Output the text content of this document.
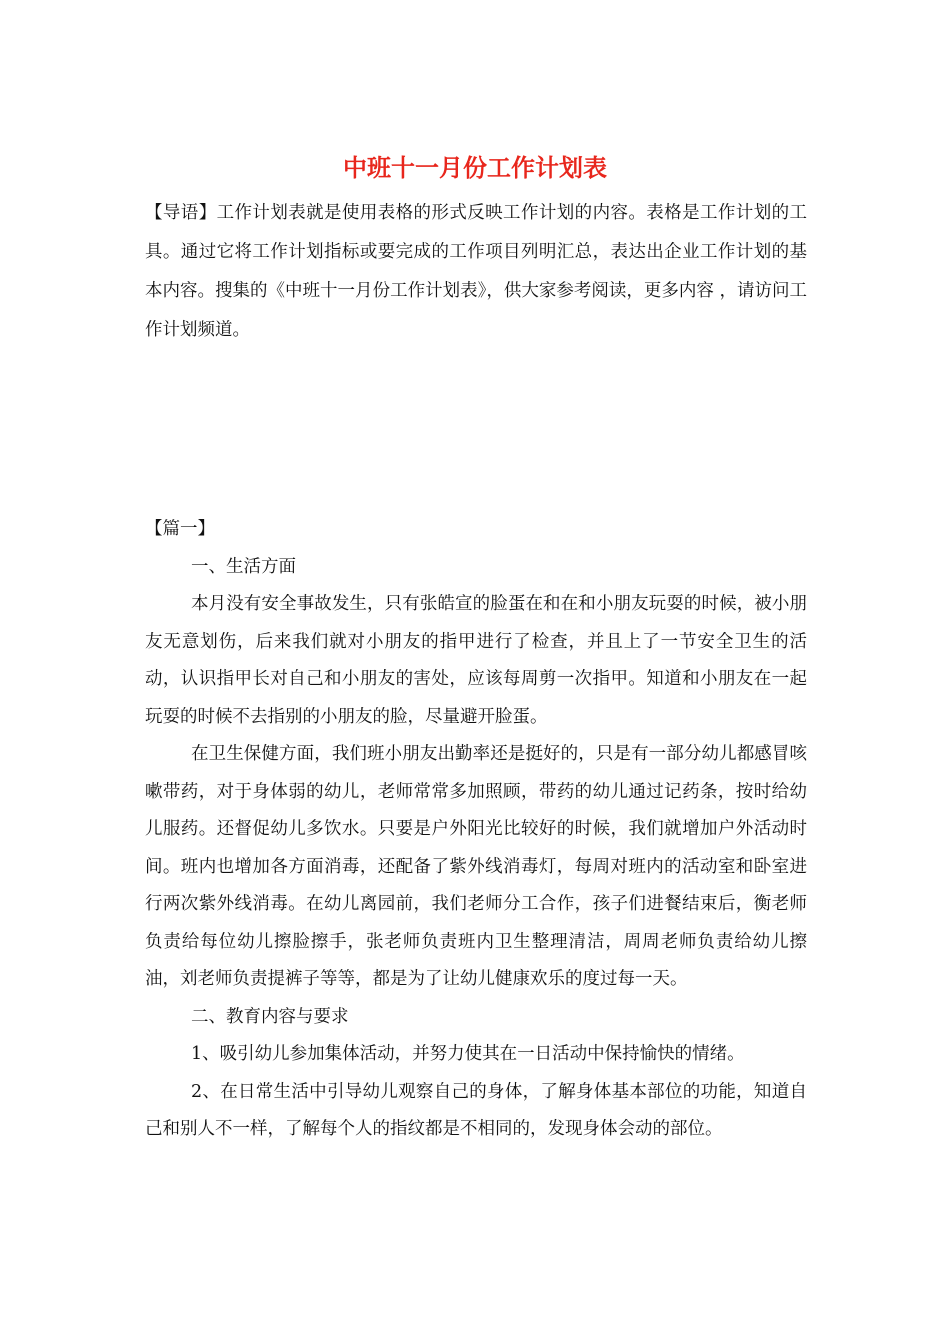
中班十一月份工作计划表
【导语】工作计划表就是使用表格的形式反映工作计划的内容。表格是工作计划的工具。通过它将工作计划指标或要完成的工作项目列明汇总，表达出企业工作计划的基本内容。搜集的《中班十一月份工作计划表》，供大家参考阅读，更多内容 ，请访问工作计划频道。

【篇一】

一、生活方面

本月没有安全事故发生，只有张皓宣的脸蛋在和在和小朋友玩耍的时候，被小朋友无意划伤，后来我们就对小朋友的指甲进行了检查，并且上了一节安全卫生的活动，认识指甲长对自己和小朋友的害处，应该每周剪一次指甲。知道和小朋友在一起玩耍的时候不去指别的小朋友的脸，尽量避开脸蛋。

在卫生保健方面，我们班小朋友出勤率还是挺好的，只是有一部分幼儿都感冒咳嗽带药，对于身体弱的幼儿，老师常常多加照顾，带药的幼儿通过记药条，按时给幼儿服药。还督促幼儿多饮水。只要是户外阳光比较好的时候，我们就增加户外活动时间。班内也增加各方面消毒，还配备了紫外线消毒灯，每周对班内的活动室和卧室进行两次紫外线消毒。在幼儿离园前，我们老师分工合作，孩子们进餐结束后，衡老师负责给每位幼儿擦脸擦手，张老师负责班内卫生整理清洁，周周老师负责给幼儿擦油，刘老师负责提裤子等等，都是为了让幼儿健康欢乐的度过每一天。

二、教育内容与要求

1、吸引幼儿参加集体活动，并努力使其在一日活动中保持愉快的情绪。

2、在日常生活中引导幼儿观察自己的身体，了解身体基本部位的功能，知道自己和别人不一样，了解每个人的指纹都是不相同的，发现身体会动的部位。
